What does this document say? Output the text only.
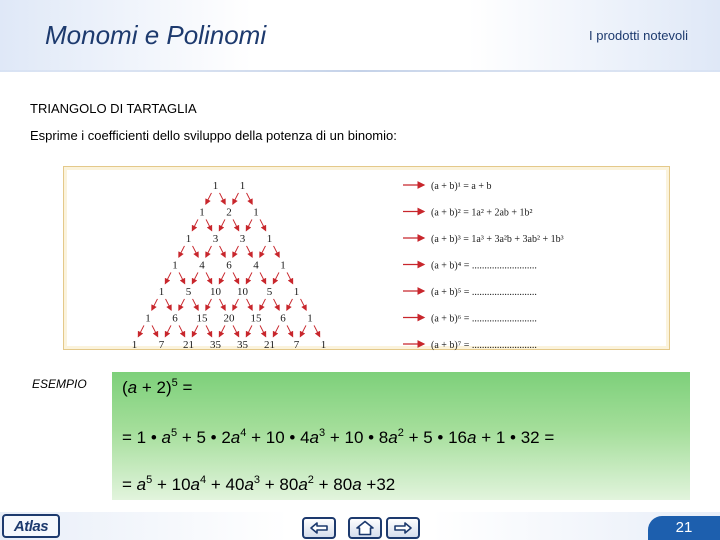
Monomi e Polinomi	I prodotti notevoli
TRIANGOLO DI TARTAGLIA
Esprime i coefficienti dello sviluppo della potenza di un binomio:
1 1
1 2 1
1 3 3 1
1 4 6 4 1
1 5 10 10 5 1
1 6 15 20 15 6 1
1 7 21 35 35 21 7 1
(a + b)¹ = a + b
(a + b)² = 1a² + 2ab + 1b²
(a + b)³ = 1a³ + 3a²b + 3ab² + 1b³
(a + b)⁴ = ..........................
(a + b)⁵ = ..........................
(a + b)⁶ = ..........................
(a + b)⁷ = ..........................
ESEMPIO $(a + 2)^5$ =
= 1 • $a^5 + 5$ • $2a^4 + 10$ • $4a^3 + 10$ • $8a^2 + 5$ • 16a + 1 • 32 =
= $a^5 + 10a^4 + 40a^3 + 80a^2 + 80a +32$
Atlas	21
